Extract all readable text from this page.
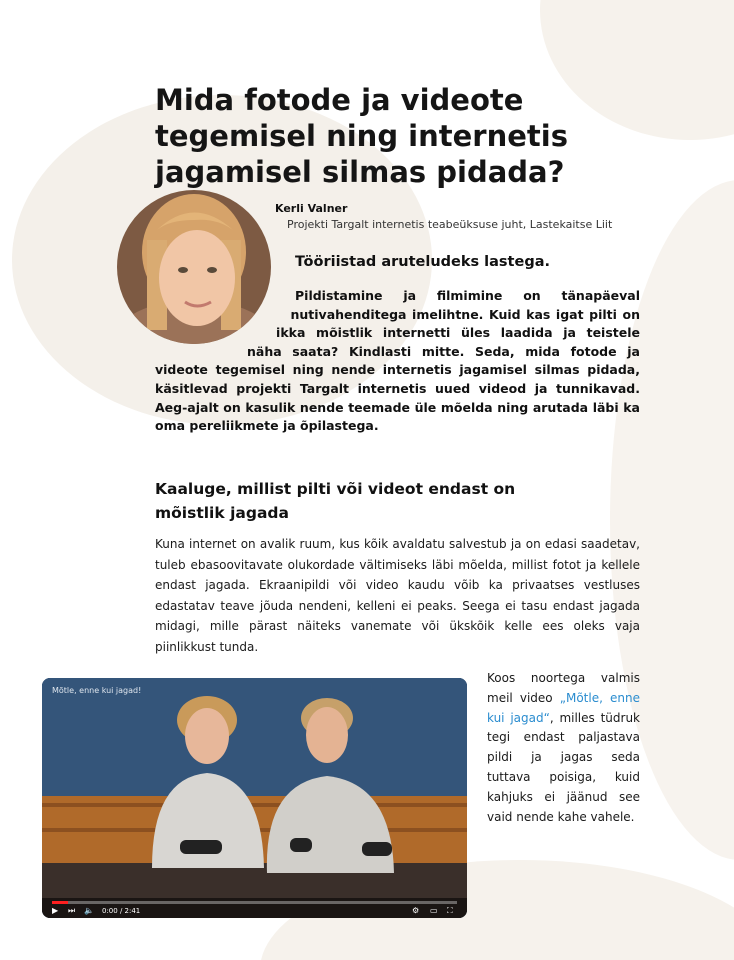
Mida fotode ja videote tegemisel ning internetis jagamisel silmas pidada?
Kerli Valner
Projekti Targalt internetis teabeüksuse juht, Lastekaitse Liit
Tööriistad aruteludeks lastega.

Pildistamine ja filmimine on tänapäeval nutivahenditega imelihtne. Kuid kas igat pilti on ikka mõistlik internetti üles laadida ja teistele näha saata? Kindlasti mitte. Seda, mida fotode ja videote tegemisel ning nende internetis jagamisel silmas pidada, käsitlevad projekti Targalt internetis uued videod ja tunnikavad. Aeg-ajalt on kasulik nende teemade üle mõelda ning arutada läbi ka oma pereliikmete ja õpilastega.

Kaaluge, millist pilti või videot endast on mõistlik jagada

Kuna internet on avalik ruum, kus kõik avaldatu salvestub ja on edasi saadetav, tuleb ebasoovitavate olukordade vältimiseks läbi mõelda, millist fotot ja kellele endast jagada. Ekraanipildi või video kaudu võib ka privaatses vestluses edastatav teave jõuda nendeni, kelleni ei peaks. Seega ei tasu endast jagada midagi, mille pärast näiteks vanemate või ükskõik kelle ees oleks vaja piinlikkust tunda.

Mõtle, enne kui jagad!
▶ ⏭ 🔈 0:00 / 2:41	⚙ ▭ ⛶

Koos noortega valmis meil video „Mõtle, enne kui jagad“, milles tüdruk tegi endast paljastava pildi ja jagas seda tuttava poisiga, kuid kahjuks ei jäänud see vaid nende kahe vahele.
